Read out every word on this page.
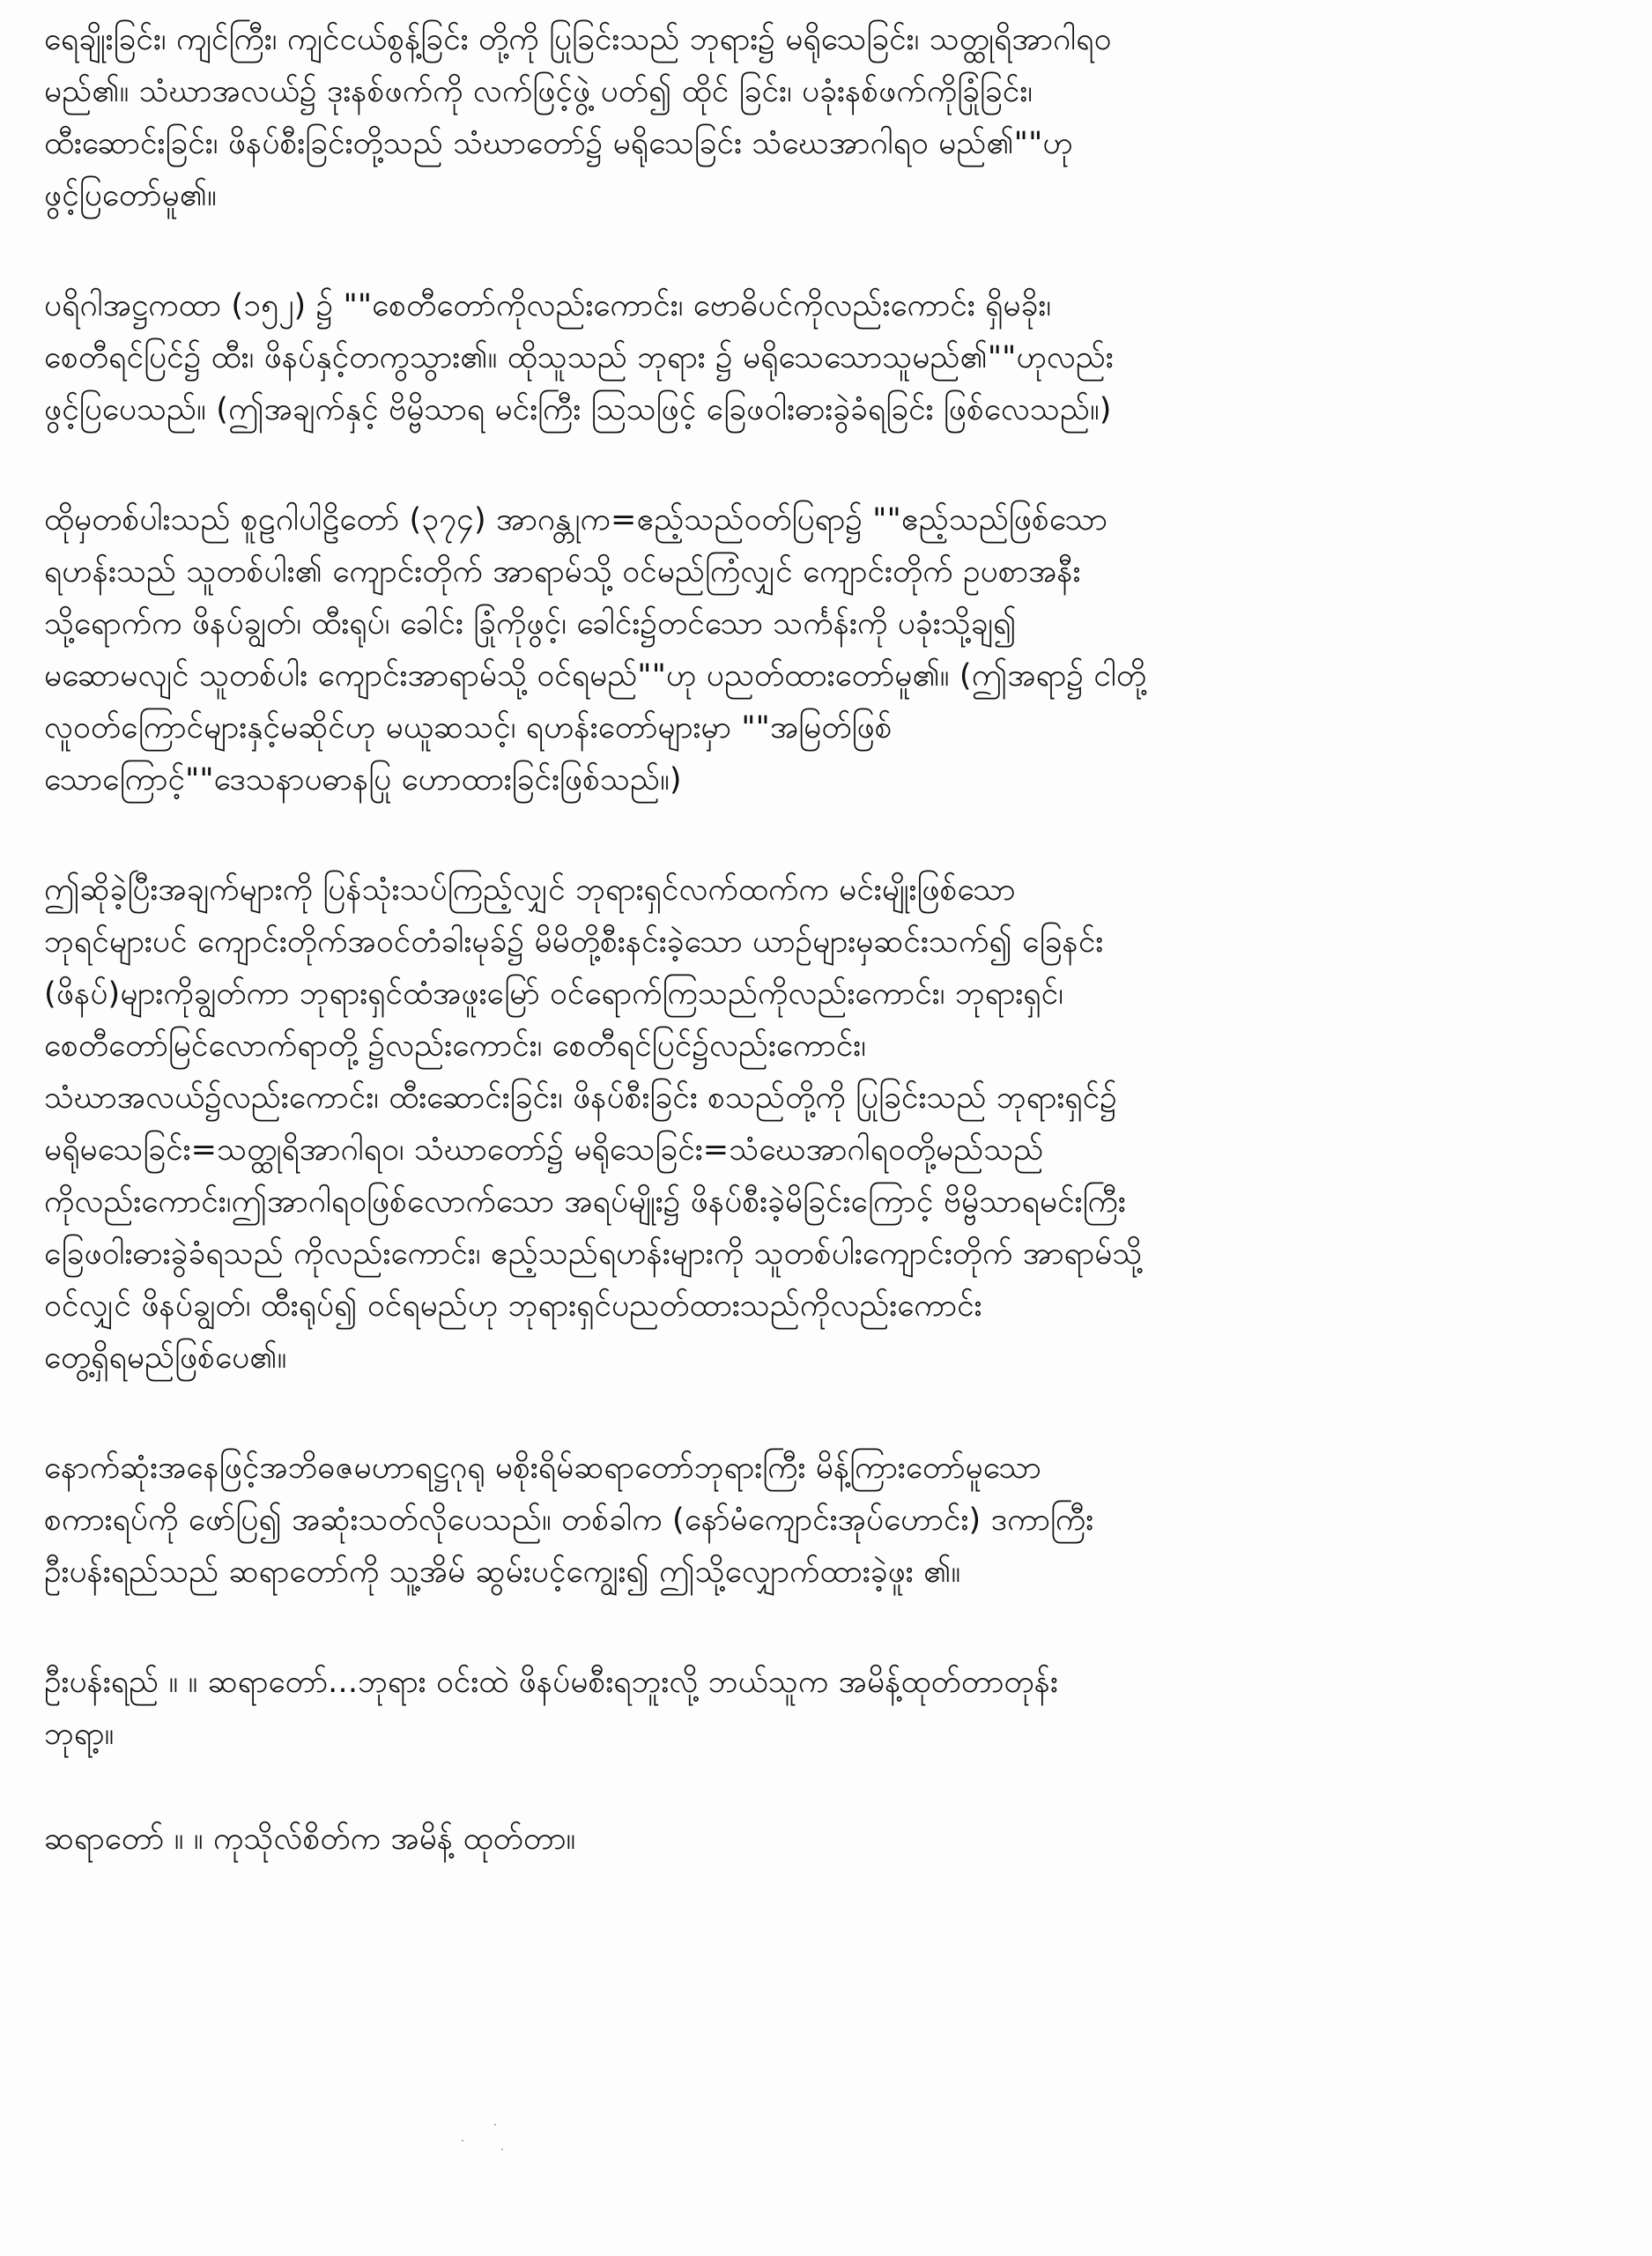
ရေချိုးခြင်း၊ ကျင်ကြီး၊ ကျင်ငယ်စွန့်ခြင်း တို့ကို ပြုခြင်းသည် ဘုရား၌ မရိုသေခြင်း၊ သတ္ထုရိအာဂါရဝ
မည်၏။ သံဃာအလယ်၌ ဒုးနစ်ဖက်ကို လက်ဖြင့်ဖွဲ့ ပတ်၍ ထိုင် ခြင်း၊ ပခုံးနစ်ဖက်ကိုခြုံခြင်း၊
ထီးဆောင်းခြင်း၊ ဖိနပ်စီးခြင်းတို့သည် သံဃာတော်၌ မရိုသေခြင်း သံဃေအာဂါရဝ မည်၏""ဟု
ဖွင့်ပြတော်မူ၏။

ပရိဂါအဋ္ဌကထာ (၁၅၂) ၌ ""စေတီတော်ကိုလည်းကောင်း၊ ဗောဓိပင်ကိုလည်းကောင်း ရှိမခိုး၊
စေတီရင်ပြင်၌ ထီး၊ ဖိနပ်နှင့်တကွသွား၏။ ထိုသူသည် ဘုရား ၌ မရိုသေသောသူမည်၏""ဟုလည်း
ဖွင့်ပြပေသည်။ (ဤအချက်နှင့် ဗိမ္ဗိသာရ မင်းကြီး ဩသဖြင့် ခြေဖဝါးဓားခွဲခံရခြင်း ဖြစ်လေသည်။)

ထိုမှတစ်ပါးသည် စူဠဂါပါဠိတော် (၃၇၄) အာဂန္တုက=ဧည့်သည်ဝတ်ပြရာ၌ ""ဧည့်သည်ဖြစ်သော
ရဟန်းသည် သူတစ်ပါး၏ ကျောင်းတိုက် အာရာမ်သို့ ဝင်မည်ကြံလျှင် ကျောင်းတိုက် ဥပစာအနီး
သို့ရောက်က ဖိနပ်ချွတ်၊ ထီးရုပ်၊ ခေါင်း ခြုံကိုဖွင့်၊ ခေါင်း၌တင်သော သင်္ကန်းကို ပခုံးသို့ချ၍
မဆောမလျင် သူတစ်ပါး ကျောင်းအာရာမ်သို့ ဝင်ရမည်""ဟု ပညတ်ထားတော်မူ၏။ (ဤအရာ၌ ငါတို့
လူဝတ်ကြောင်များနှင့်မဆိုင်ဟု မယူဆသင့်၊ ရဟန်းတော်များမှာ ""အမြတ်ဖြစ်
သောကြောင့်""ဒေသနာပဓာနပြု ဟောထားခြင်းဖြစ်သည်။)

ဤဆိုခဲ့ပြီးအချက်များကို ပြန်သုံးသပ်ကြည့်လျှင် ဘုရားရှင်လက်ထက်က မင်းမျိုးဖြစ်သော
ဘုရင်များပင် ကျောင်းတိုက်အဝင်တံခါးမုခ်၌ မိမိတို့စီးနင်းခဲ့သော ယာဉ်များမှဆင်းသက်၍ ခြေနင်း
(ဖိနပ်)များကိုချွတ်ကာ ဘုရားရှင်ထံအဖူးမြော် ဝင်ရောက်ကြသည်ကိုလည်းကောင်း၊ ဘုရားရှင်၊
စေတီတော်မြင်လောက်ရာတို့ ၌လည်းကောင်း၊ စေတီရင်ပြင်၌လည်းကောင်း၊
သံဃာအလယ်၌လည်းကောင်း၊ ထီးဆောင်းခြင်း၊ ဖိနပ်စီးခြင်း စသည်တို့ကို ပြုခြင်းသည် ဘုရားရှင်၌
မရိုမသေခြင်း=သတ္ထုရိအာဂါရဝ၊ သံဃာတော်၌ မရိုသေခြင်း=သံဃေအာဂါရဝတို့မည်သည်
ကိုလည်းကောင်း၊ဤအာဂါရဝဖြစ်လောက်သော အရပ်မျိုး၌ ဖိနပ်စီးခဲ့မိခြင်းကြောင့် ဗိမ္ဗိသာရမင်းကြီး
ခြေဖဝါးဓားခွဲခံရသည် ကိုလည်းကောင်း၊ ဧည့်သည်ရဟန်းများကို သူတစ်ပါးကျောင်းတိုက် အာရာမ်သို့
ဝင်လျှင် ဖိနပ်ချွတ်၊ ထီးရုပ်၍ ဝင်ရမည်ဟု ဘုရားရှင်ပညတ်ထားသည်ကိုလည်းကောင်း
တွေ့ရှိရမည်ဖြစ်ပေ၏။

နောက်ဆုံးအနေဖြင့်အဘိဓဇမဟာရဋ္ဌဂုရု မစိုးရိမ်ဆရာတော်ဘုရားကြီး မိန့်ကြားတော်မူသော
စကားရပ်ကို ဖော်ပြ၍ အဆုံးသတ်လိုပေသည်။ တစ်ခါက (နော်မံကျောင်းအုပ်ဟောင်း) ဒကာကြီး
ဦးပန်းရည်သည် ဆရာတော်ကို သူ့အိမ် ဆွမ်းပင့်ကျွေး၍ ဤသို့လျှောက်ထားခဲ့ဖူး ၏။

ဦးပန်းရည် ။ ။ ဆရာတော်...ဘုရား ဝင်းထဲ ဖိနပ်မစီးရဘူးလို့ ဘယ်သူက အမိန့်ထုတ်တာတုန်း
ဘုရာ့။

ဆရာတော် ။ ။ ကုသိုလ်စိတ်က အမိန့် ထုတ်တာ။
